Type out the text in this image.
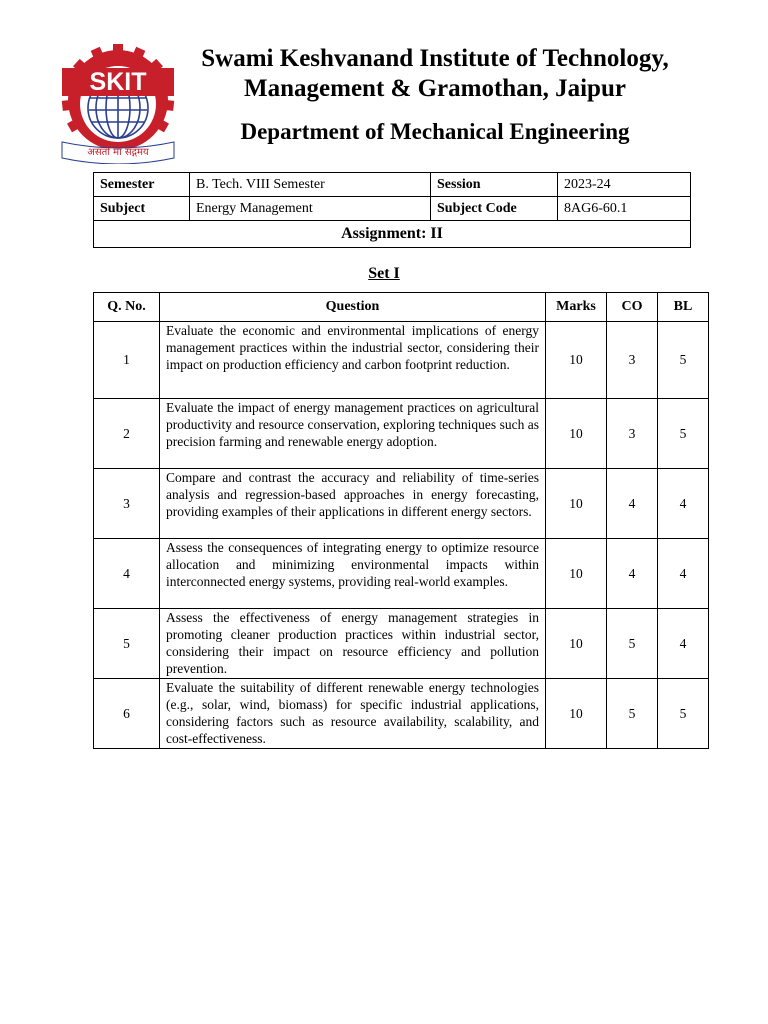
SKIT
असतो मा सद्गमय
Swami Keshvanand Institute of Technology,
Management & Gramothan, Jaipur
Department of Mechanical Engineering
Semester	B. Tech. VIII Semester	Session	2023-24
Subject	Energy Management	Subject Code	8AG6-60.1
Assignment: II			
Set I
Q. No.	Question	Marks	CO	BL
1	Evaluate the economic and environmental implications of energy management practices within the industrial sector, considering their impact on production efficiency and carbon footprint reduction.	10	3	5
2	Evaluate the impact of energy management practices on agricultural productivity and resource conservation, exploring techniques such as precision farming and renewable energy adoption.	10	3	5
3	Compare and contrast the accuracy and reliability of time-series analysis and regression-based approaches in energy forecasting, providing examples of their applications in different energy sectors.	10	4	4
4	Assess the consequences of integrating energy to optimize resource allocation and minimizing environmental impacts within interconnected energy systems, providing real-world examples.	10	4	4
5	Assess the effectiveness of energy management strategies in promoting cleaner production practices within industrial sector, considering their impact on resource efficiency and pollution prevention.	10	5	4
6	Evaluate the suitability of different renewable energy technologies (e.g., solar, wind, biomass) for specific industrial applications, considering factors such as resource availability, scalability, and cost-effectiveness.	10	5	5
